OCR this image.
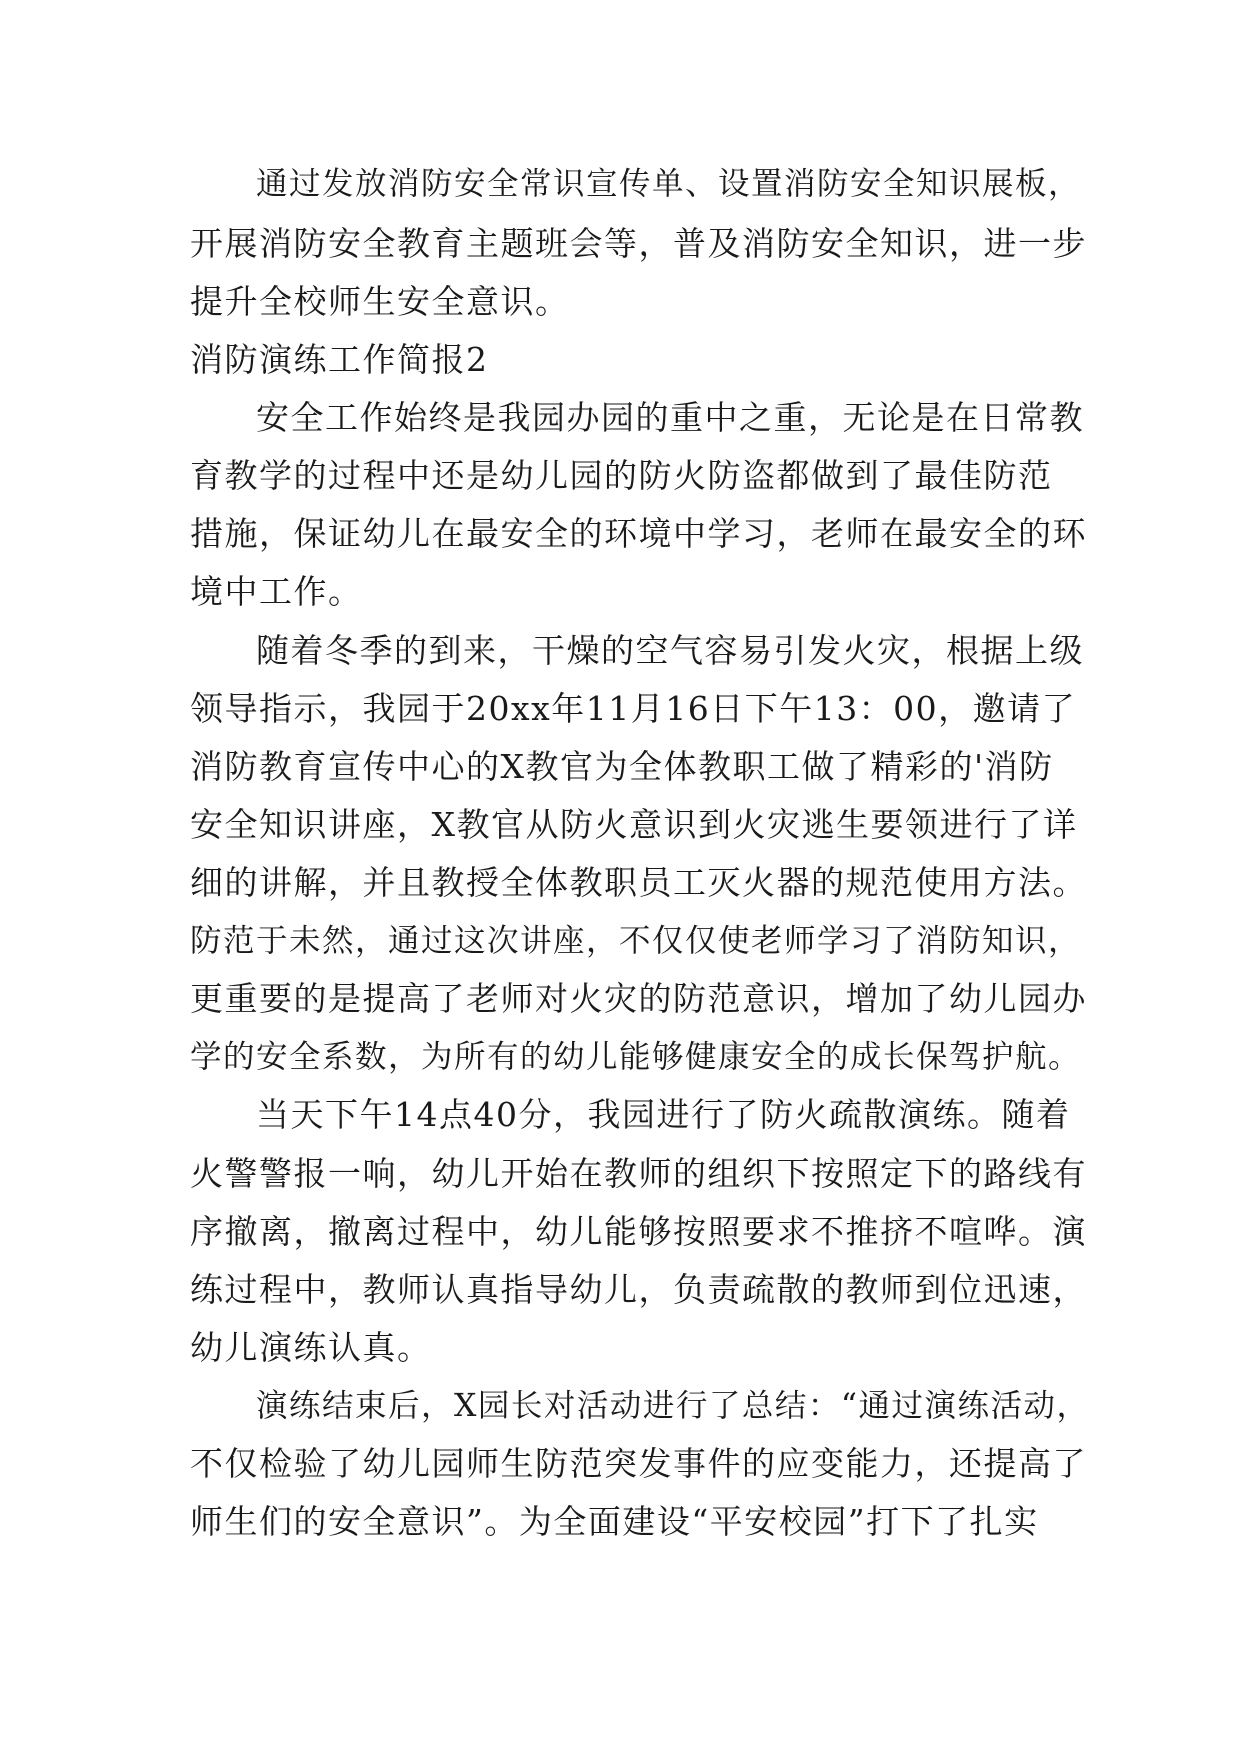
通过发放消防安全常识宣传单、设置消防安全知识展板，
开展消防安全教育主题班会等，普及消防安全知识，进一步
提升全校师生安全意识。
消防演练工作简报2
安全工作始终是我园办园的重中之重，无论是在日常教
育教学的过程中还是幼儿园的防火防盗都做到了最佳防范
措施，保证幼儿在最安全的环境中学习，老师在最安全的环
境中工作。
随着冬季的到来，干燥的空气容易引发火灾，根据上级
领导指示，我园于20xx年11月16日下午13：00，邀请了
消防教育宣传中心的X教官为全体教职工做了精彩的'消防
安全知识讲座，X教官从防火意识到火灾逃生要领进行了详
细的讲解，并且教授全体教职员工灭火器的规范使用方法。
防范于未然，通过这次讲座，不仅仅使老师学习了消防知识，
更重要的是提高了老师对火灾的防范意识，增加了幼儿园办
学的安全系数，为所有的幼儿能够健康安全的成长保驾护航。
当天下午14点40分，我园进行了防火疏散演练。随着
火警警报一响，幼儿开始在教师的组织下按照定下的路线有
序撤离，撤离过程中，幼儿能够按照要求不推挤不喧哗。演
练过程中，教师认真指导幼儿，负责疏散的教师到位迅速，
幼儿演练认真。
演练结束后，X园长对活动进行了总结：“通过演练活动，
不仅检验了幼儿园师生防范突发事件的应变能力，还提高了
师生们的安全意识”。为全面建设“平安校园”打下了扎实
